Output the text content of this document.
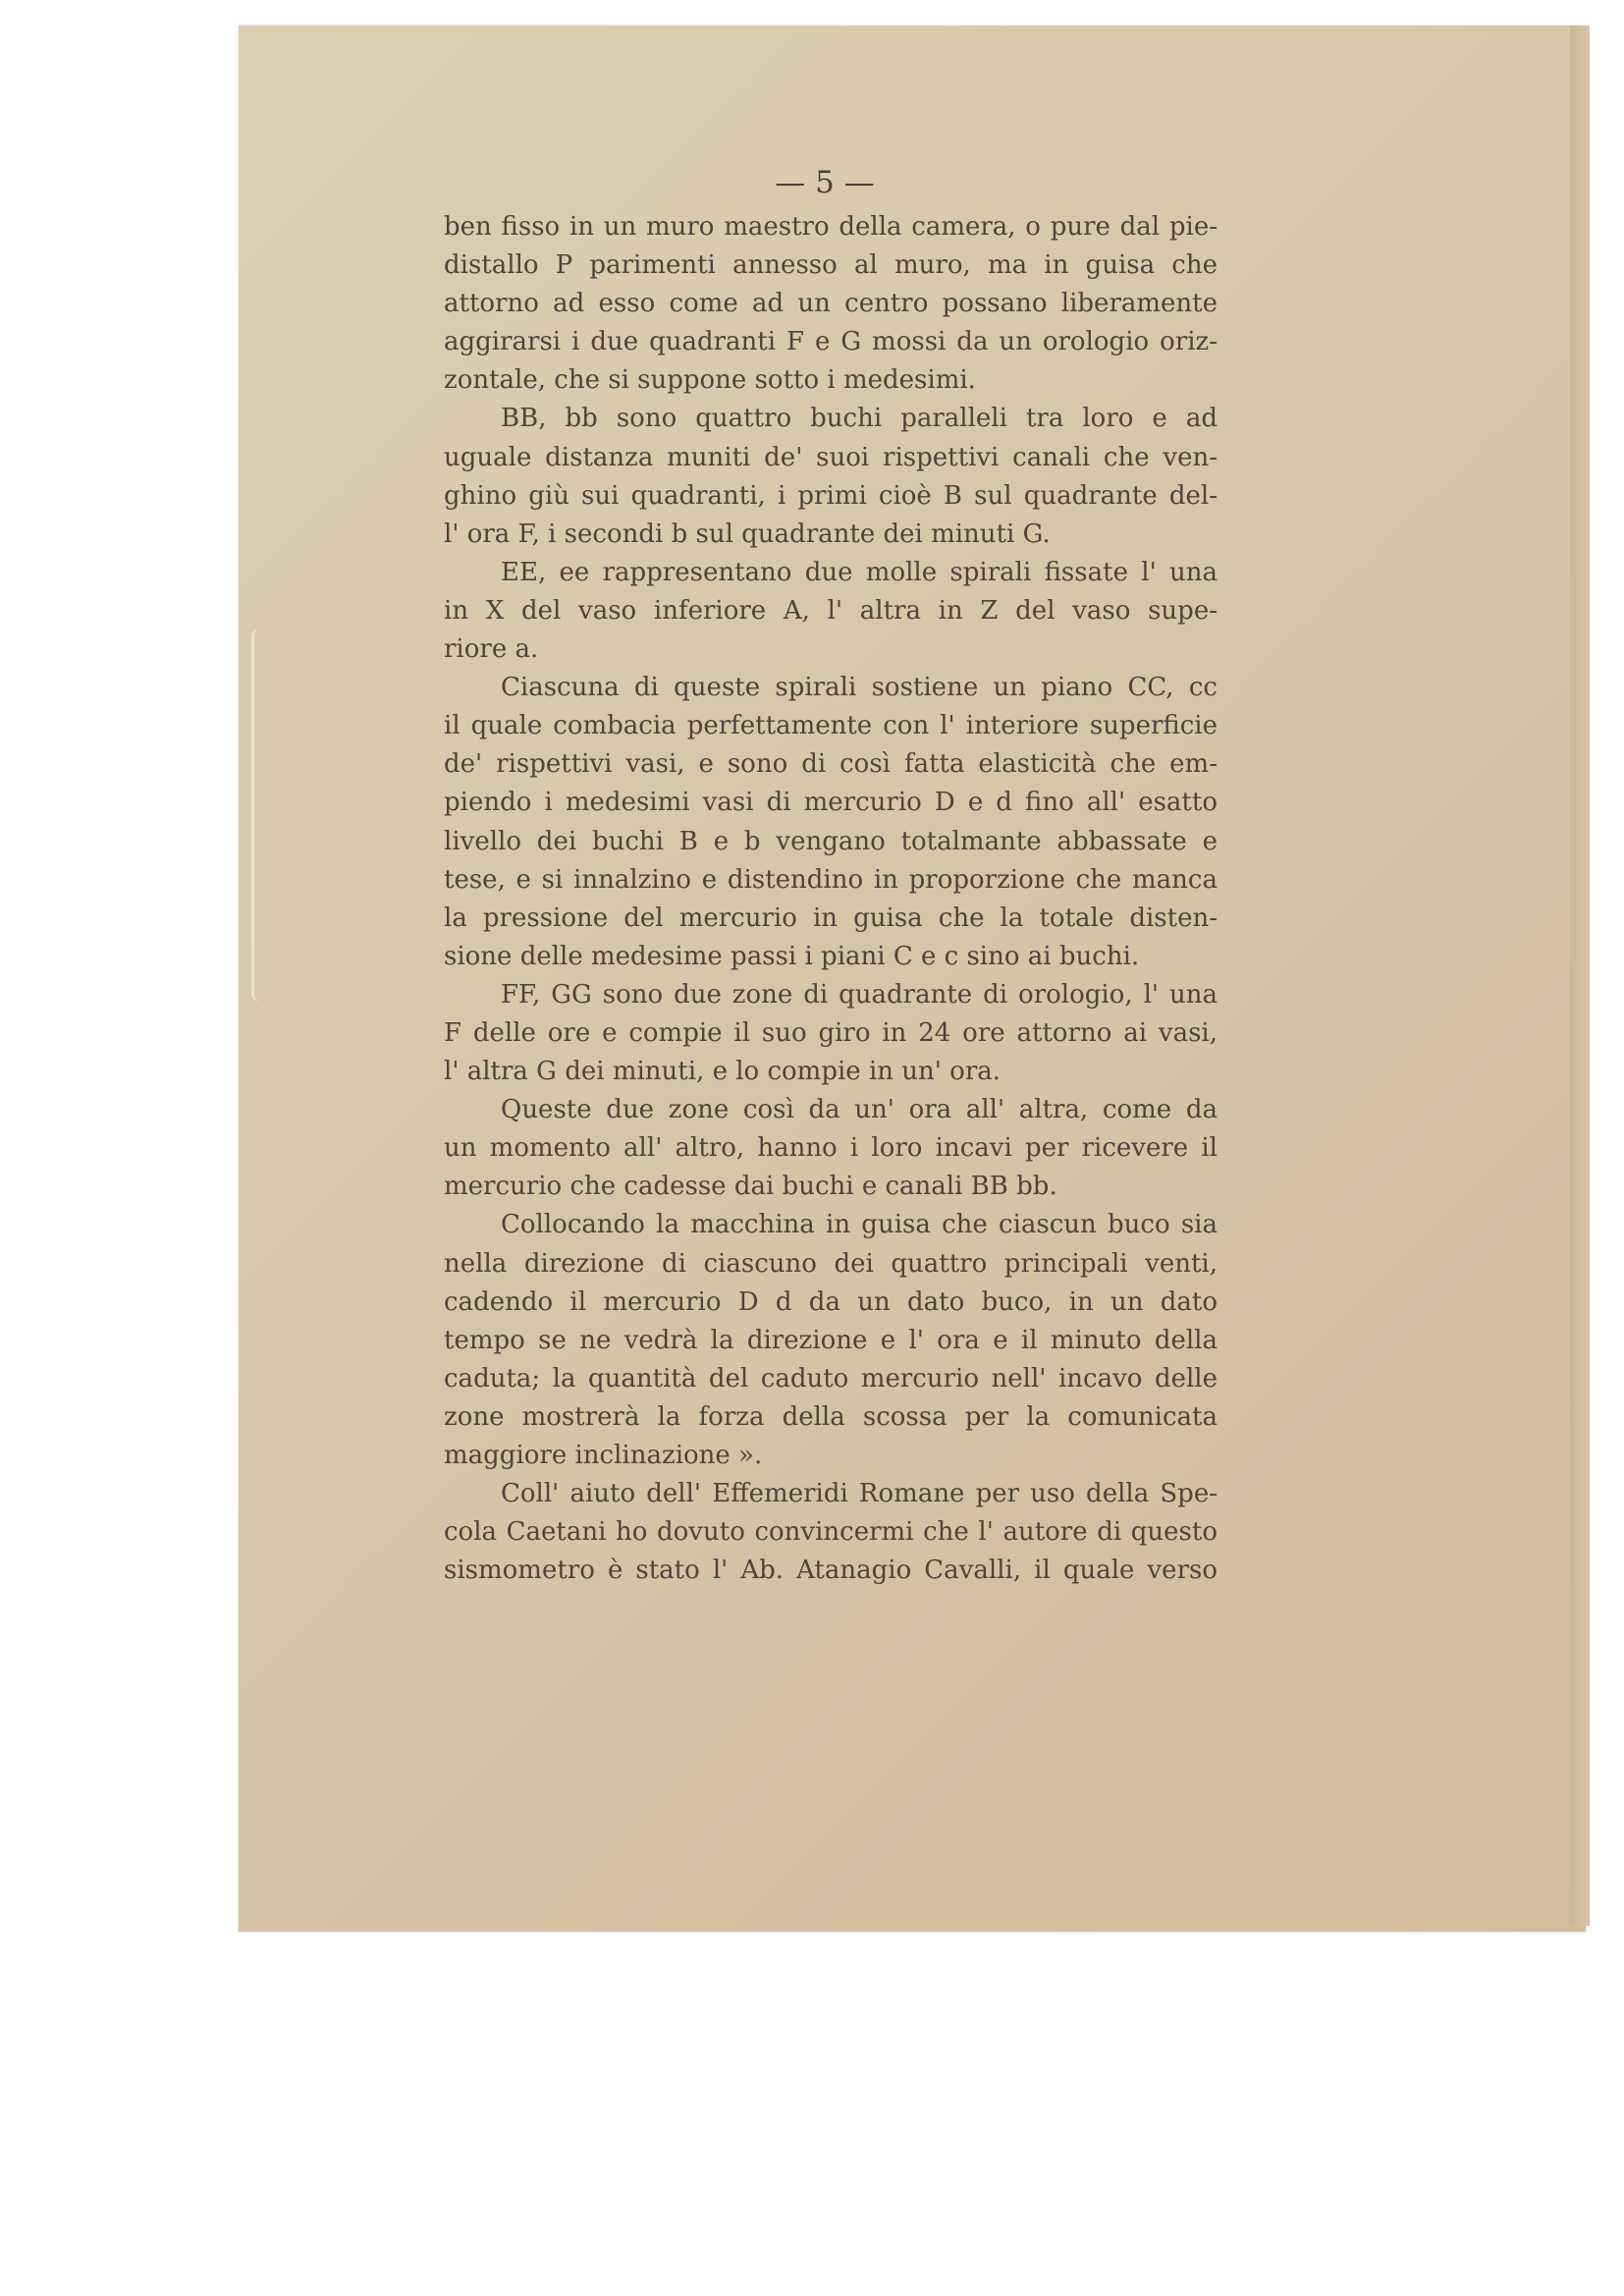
— 5 —
ben fisso in un muro maestro della camera, o pure dal pie-
distallo P parimenti annesso al muro, ma in guisa che
attorno ad esso come ad un centro possano liberamente
aggirarsi i due quadranti F e G mossi da un orologio oriz-
zontale, che si suppone sotto i medesimi.
BB, bb sono quattro buchi paralleli tra loro e ad
uguale distanza muniti de' suoi rispettivi canali che ven-
ghino giù sui quadranti, i primi cioè B sul quadrante del-
l' ora F, i secondi b sul quadrante dei minuti G.
EE, ee rappresentano due molle spirali fissate l' una
in X del vaso inferiore A, l' altra in Z del vaso supe-
riore a.
Ciascuna di queste spirali sostiene un piano CC, cc
il quale combacia perfettamente con l' interiore superficie
de' rispettivi vasi, e sono di così fatta elasticità che em-
piendo i medesimi vasi di mercurio D e d fino all' esatto
livello dei buchi B e b vengano totalmante abbassate e
tese, e si innalzino e distendino in proporzione che manca
la pressione del mercurio in guisa che la totale disten-
sione delle medesime passi i piani C e c sino ai buchi.
FF, GG sono due zone di quadrante di orologio, l' una
F delle ore e compie il suo giro in 24 ore attorno ai vasi,
l' altra G dei minuti, e lo compie in un' ora.
Queste due zone così da un' ora all' altra, come da
un momento all' altro, hanno i loro incavi per ricevere il
mercurio che cadesse dai buchi e canali BB bb.
Collocando la macchina in guisa che ciascun buco sia
nella direzione di ciascuno dei quattro principali venti,
cadendo il mercurio D d da un dato buco, in un dato
tempo se ne vedrà la direzione e l' ora e il minuto della
caduta; la quantità del caduto mercurio nell' incavo delle
zone mostrerà la forza della scossa per la comunicata
maggiore inclinazione ».
Coll' aiuto dell' Effemeridi Romane per uso della Spe-
cola Caetani ho dovuto convincermi che l' autore di questo
sismometro è stato l' Ab. Atanagio Cavalli, il quale verso
